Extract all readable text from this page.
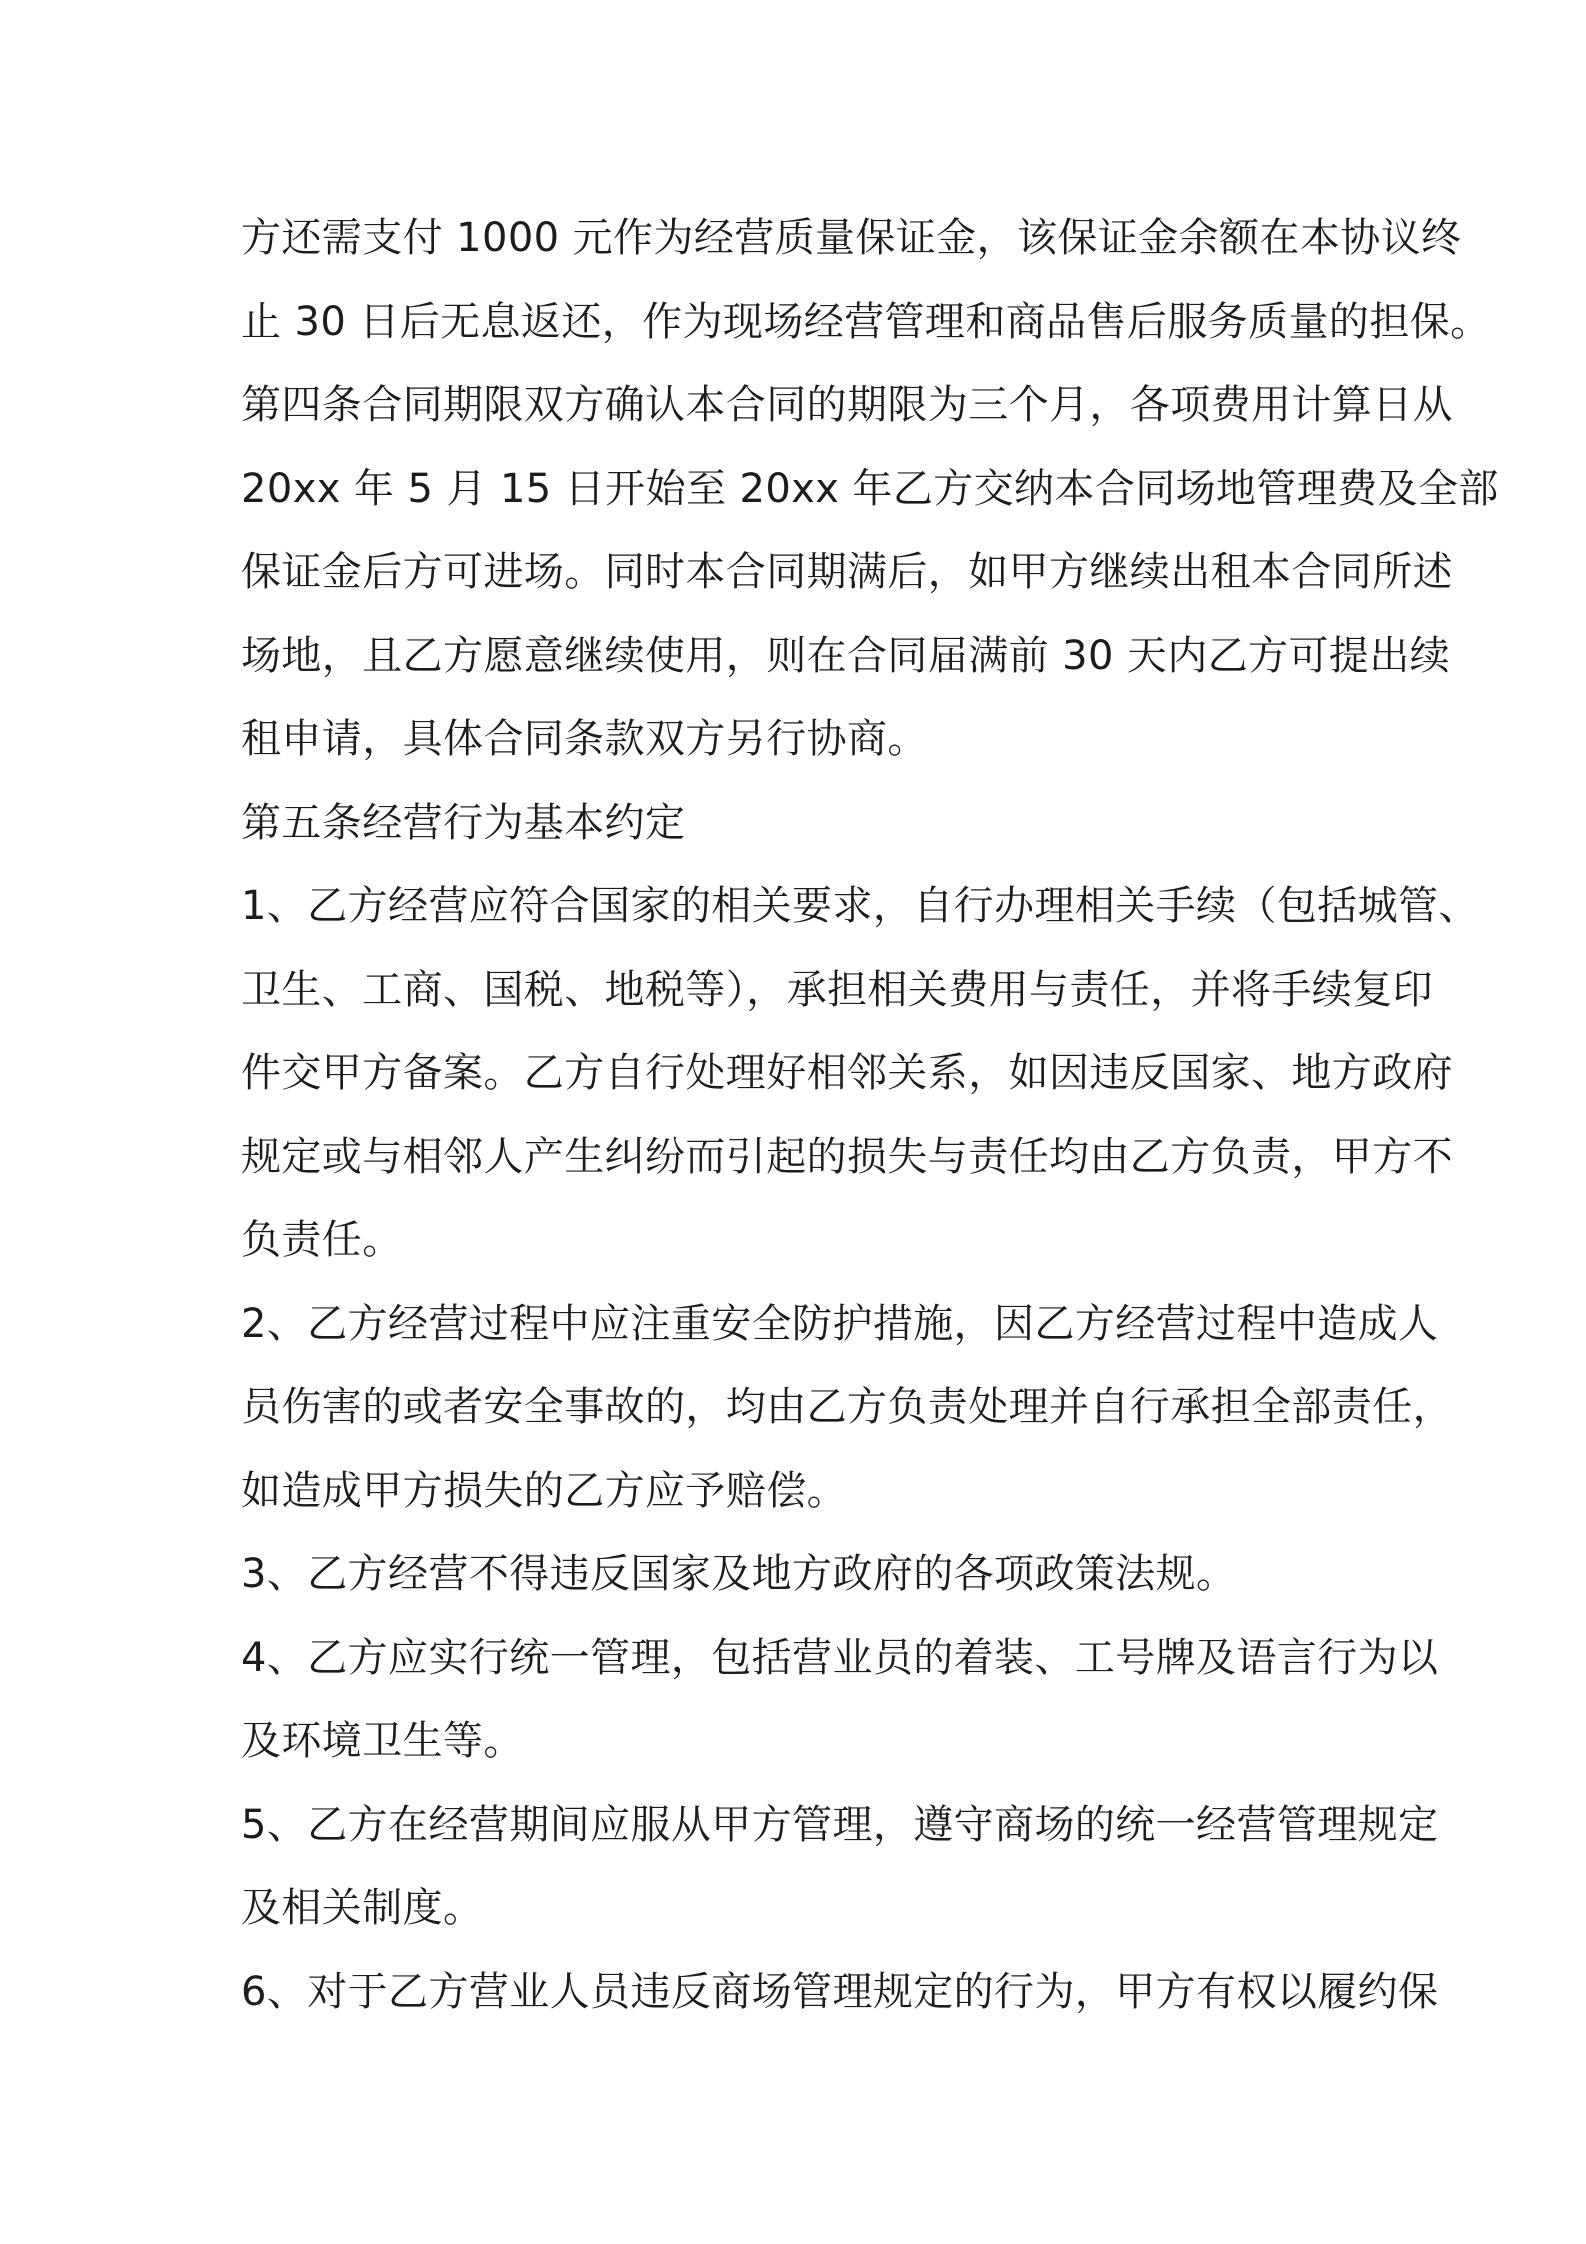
方还需支付 1000 元作为经营质量保证金，该保证金余额在本协议终
止 30 日后无息返还，作为现场经营管理和商品售后服务质量的担保。
第四条合同期限双方确认本合同的期限为三个月，各项费用计算日从
20xx 年 5 月 15 日开始至 20xx 年乙方交纳本合同场地管理费及全部
保证金后方可进场。同时本合同期满后，如甲方继续出租本合同所述
场地，且乙方愿意继续使用，则在合同届满前 30 天内乙方可提出续
租申请，具体合同条款双方另行协商。
第五条经营行为基本约定
1、乙方经营应符合国家的相关要求，自行办理相关手续（包括城管、
卫生、工商、国税、地税等），承担相关费用与责任，并将手续复印
件交甲方备案。乙方自行处理好相邻关系，如因违反国家、地方政府
规定或与相邻人产生纠纷而引起的损失与责任均由乙方负责，甲方不
负责任。
2、乙方经营过程中应注重安全防护措施，因乙方经营过程中造成人
员伤害的或者安全事故的，均由乙方负责处理并自行承担全部责任，
如造成甲方损失的乙方应予赔偿。
3、乙方经营不得违反国家及地方政府的各项政策法规。
4、乙方应实行统一管理，包括营业员的着装、工号牌及语言行为以
及环境卫生等。
5、乙方在经营期间应服从甲方管理，遵守商场的统一经营管理规定
及相关制度。
6、对于乙方营业人员违反商场管理规定的行为，甲方有权以履约保
